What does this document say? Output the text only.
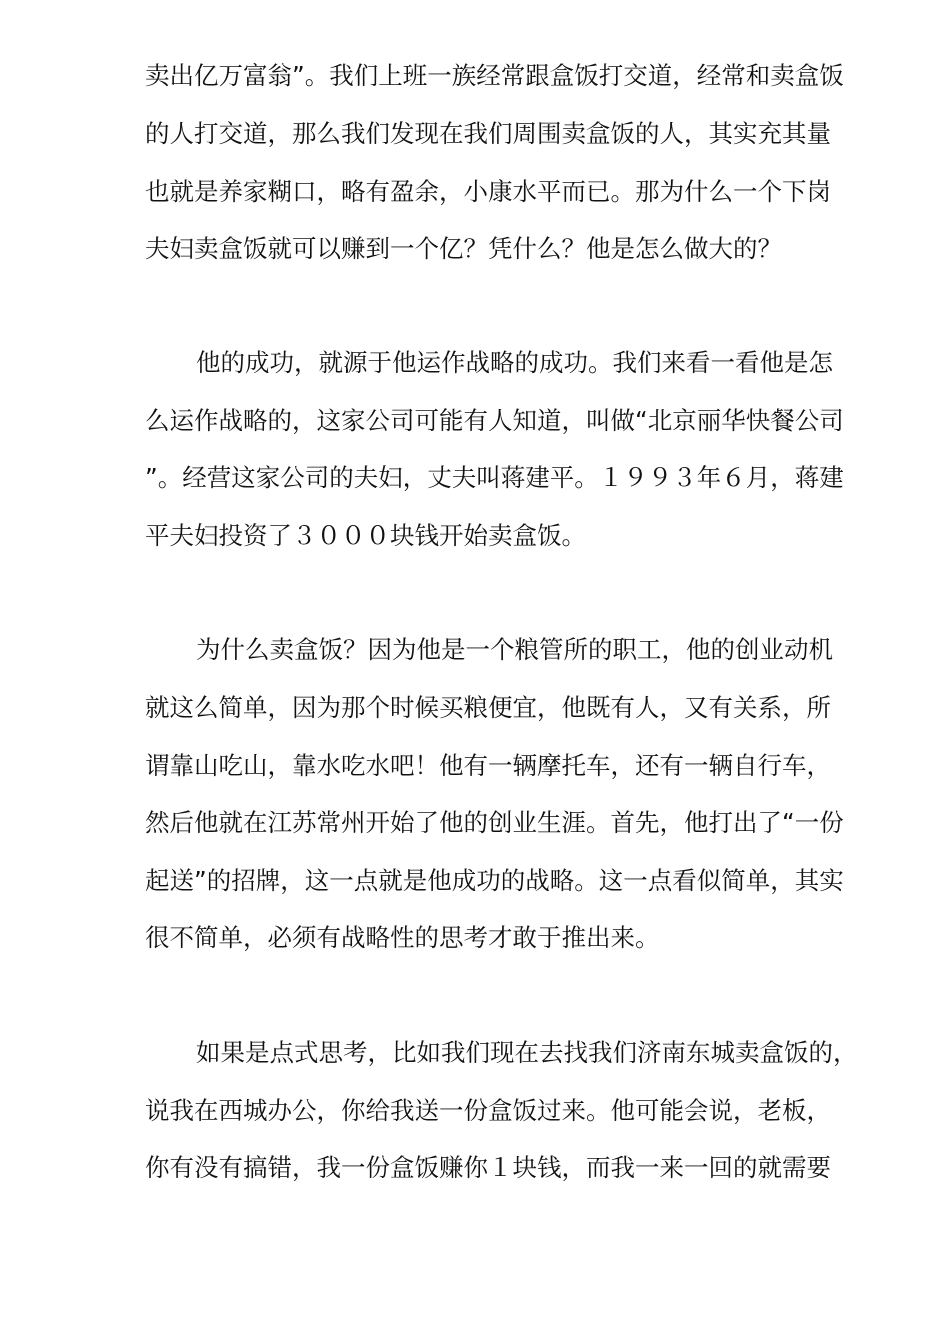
卖出亿万富翁”。我们上班一族经常跟盒饭打交道，经常和卖盒饭
的人打交道，那么我们发现在我们周围卖盒饭的人，其实充其量
也就是养家糊口，略有盈余，小康水平而已。那为什么一个下岗
夫妇卖盒饭就可以赚到一个亿？凭什么？他是怎么做大的？
他的成功，就源于他运作战略的成功。我们来看一看他是怎
么运作战略的，这家公司可能有人知道，叫做“北京丽华快餐公司
”。经营这家公司的夫妇，丈夫叫蒋建平。１９９３年６月，蒋建
平夫妇投资了３０００块钱开始卖盒饭。
为什么卖盒饭？因为他是一个粮管所的职工，他的创业动机
就这么简单，因为那个时候买粮便宜，他既有人，又有关系，所
谓靠山吃山，靠水吃水吧！他有一辆摩托车，还有一辆自行车，
然后他就在江苏常州开始了他的创业生涯。首先，他打出了“一份
起送”的招牌，这一点就是他成功的战略。这一点看似简单，其实
很不简单，必须有战略性的思考才敢于推出来。
如果是点式思考，比如我们现在去找我们济南东城卖盒饭的，
说我在西城办公，你给我送一份盒饭过来。他可能会说，老板，
你有没有搞错，我一份盒饭赚你１块钱，而我一来一回的就需要
